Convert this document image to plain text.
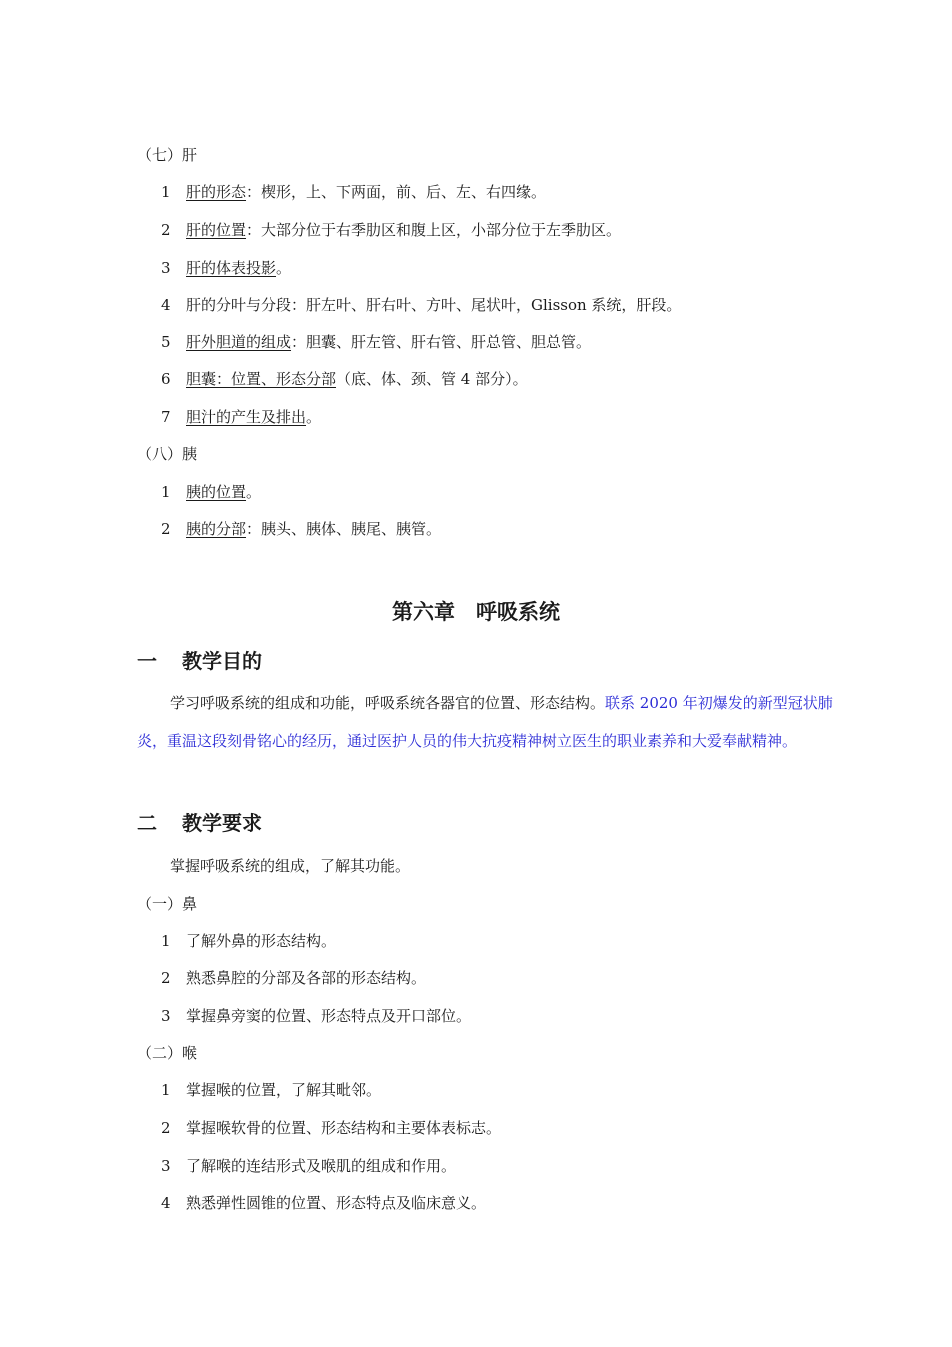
（七）肝
1 肝的形态：楔形，上、下两面，前、后、左、右四缘。
2 肝的位置：大部分位于右季肋区和腹上区，小部分位于左季肋区。
3 肝的体表投影。
4 肝的分叶与分段：肝左叶、肝右叶、方叶、尾状叶，Glisson 系统，肝段。
5 肝外胆道的组成：胆囊、肝左管、肝右管、肝总管、胆总管。
6 胆囊：位置、形态分部（底、体、颈、管 4 部分）。
7 胆汁的产生及排出。
（八）胰
1 胰的位置。
2 胰的分部：胰头、胰体、胰尾、胰管。
第六章　呼吸系统
一 教学目的
学习呼吸系统的组成和功能，呼吸系统各器官的位置、形态结构。联系 2020 年初爆发的新型冠状肺炎，重温这段刻骨铭心的经历，通过医护人员的伟大抗疫精神树立医生的职业素养和大爱奉献精神。
二 教学要求
掌握呼吸系统的组成，了解其功能。
（一）鼻
1 了解外鼻的形态结构。
2 熟悉鼻腔的分部及各部的形态结构。
3 掌握鼻旁窦的位置、形态特点及开口部位。
（二）喉
1 掌握喉的位置，了解其毗邻。
2 掌握喉软骨的位置、形态结构和主要体表标志。
3 了解喉的连结形式及喉肌的组成和作用。
4 熟悉弹性圆锥的位置、形态特点及临床意义。
